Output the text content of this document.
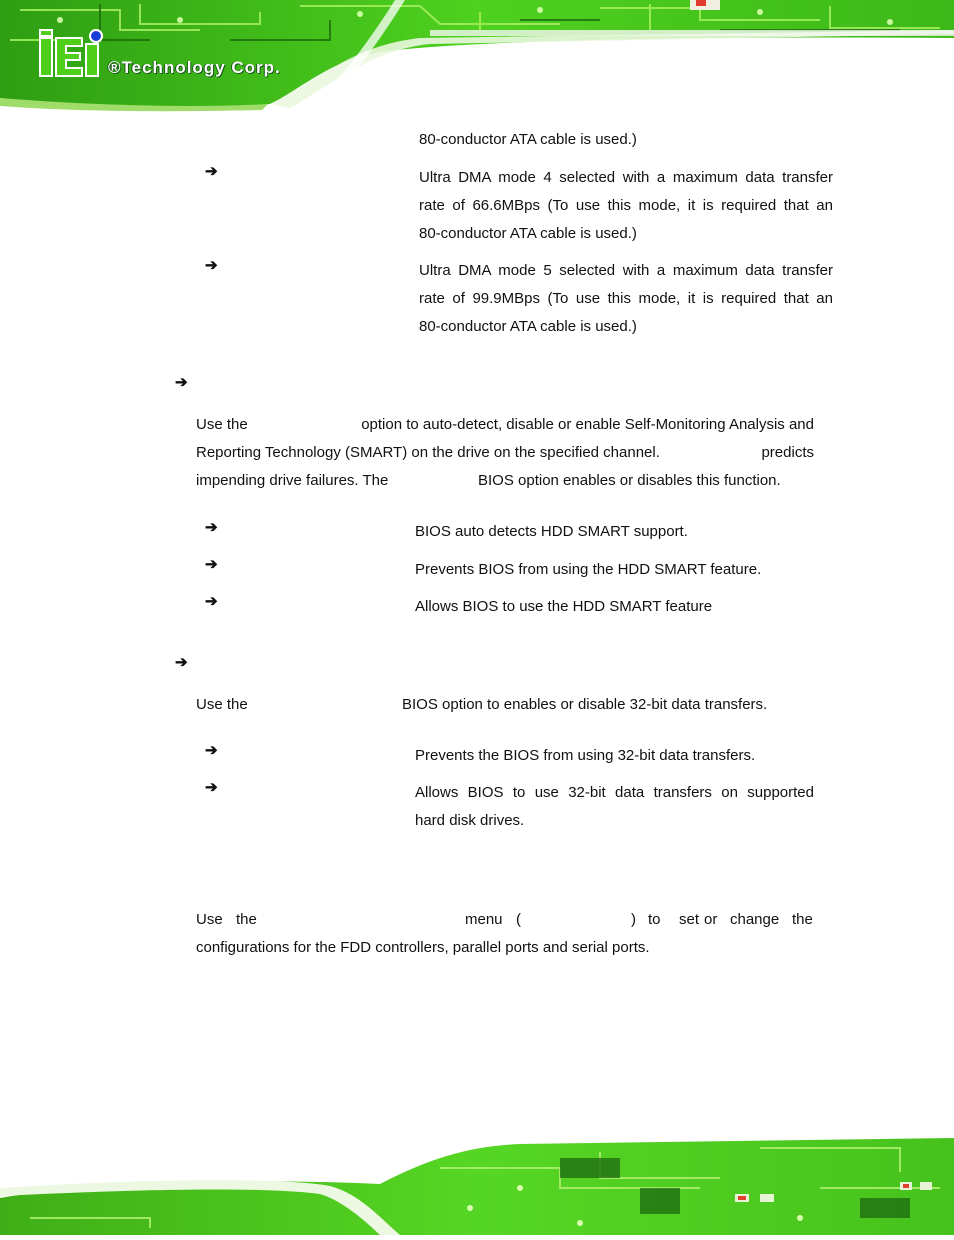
®Technology Corp.
80-conductor ATA cable is used.)
➔	Ultra DMA mode 4 selected with a maximum data transfer
rate of 66.6MBps (To use this mode, it is required that an
80-conductor ATA cable is used.)
➔	Ultra DMA mode 5 selected with a maximum data transfer
rate of 99.9MBps (To use this mode, it is required that an
80-conductor ATA cable is used.)
➔
Use the	option to auto-detect, disable or enable Self-Monitoring Analysis and
Reporting Technology (SMART) on the drive on the specified channel.	predicts
impending drive failures. The	BIOS option enables or disables this function.
➔	BIOS auto detects HDD SMART support.
➔	Prevents BIOS from using the HDD SMART feature.
➔	Allows BIOS to use the HDD SMART feature
➔
Use the	BIOS option to enables or disable 32-bit data transfers.
➔	Prevents the BIOS from using 32-bit data transfers.
➔	Allows BIOS to use 32-bit data transfers on supported
hard disk drives.
Use the	menu (	) to set or change the
configurations for the FDD controllers, parallel ports and serial ports.
